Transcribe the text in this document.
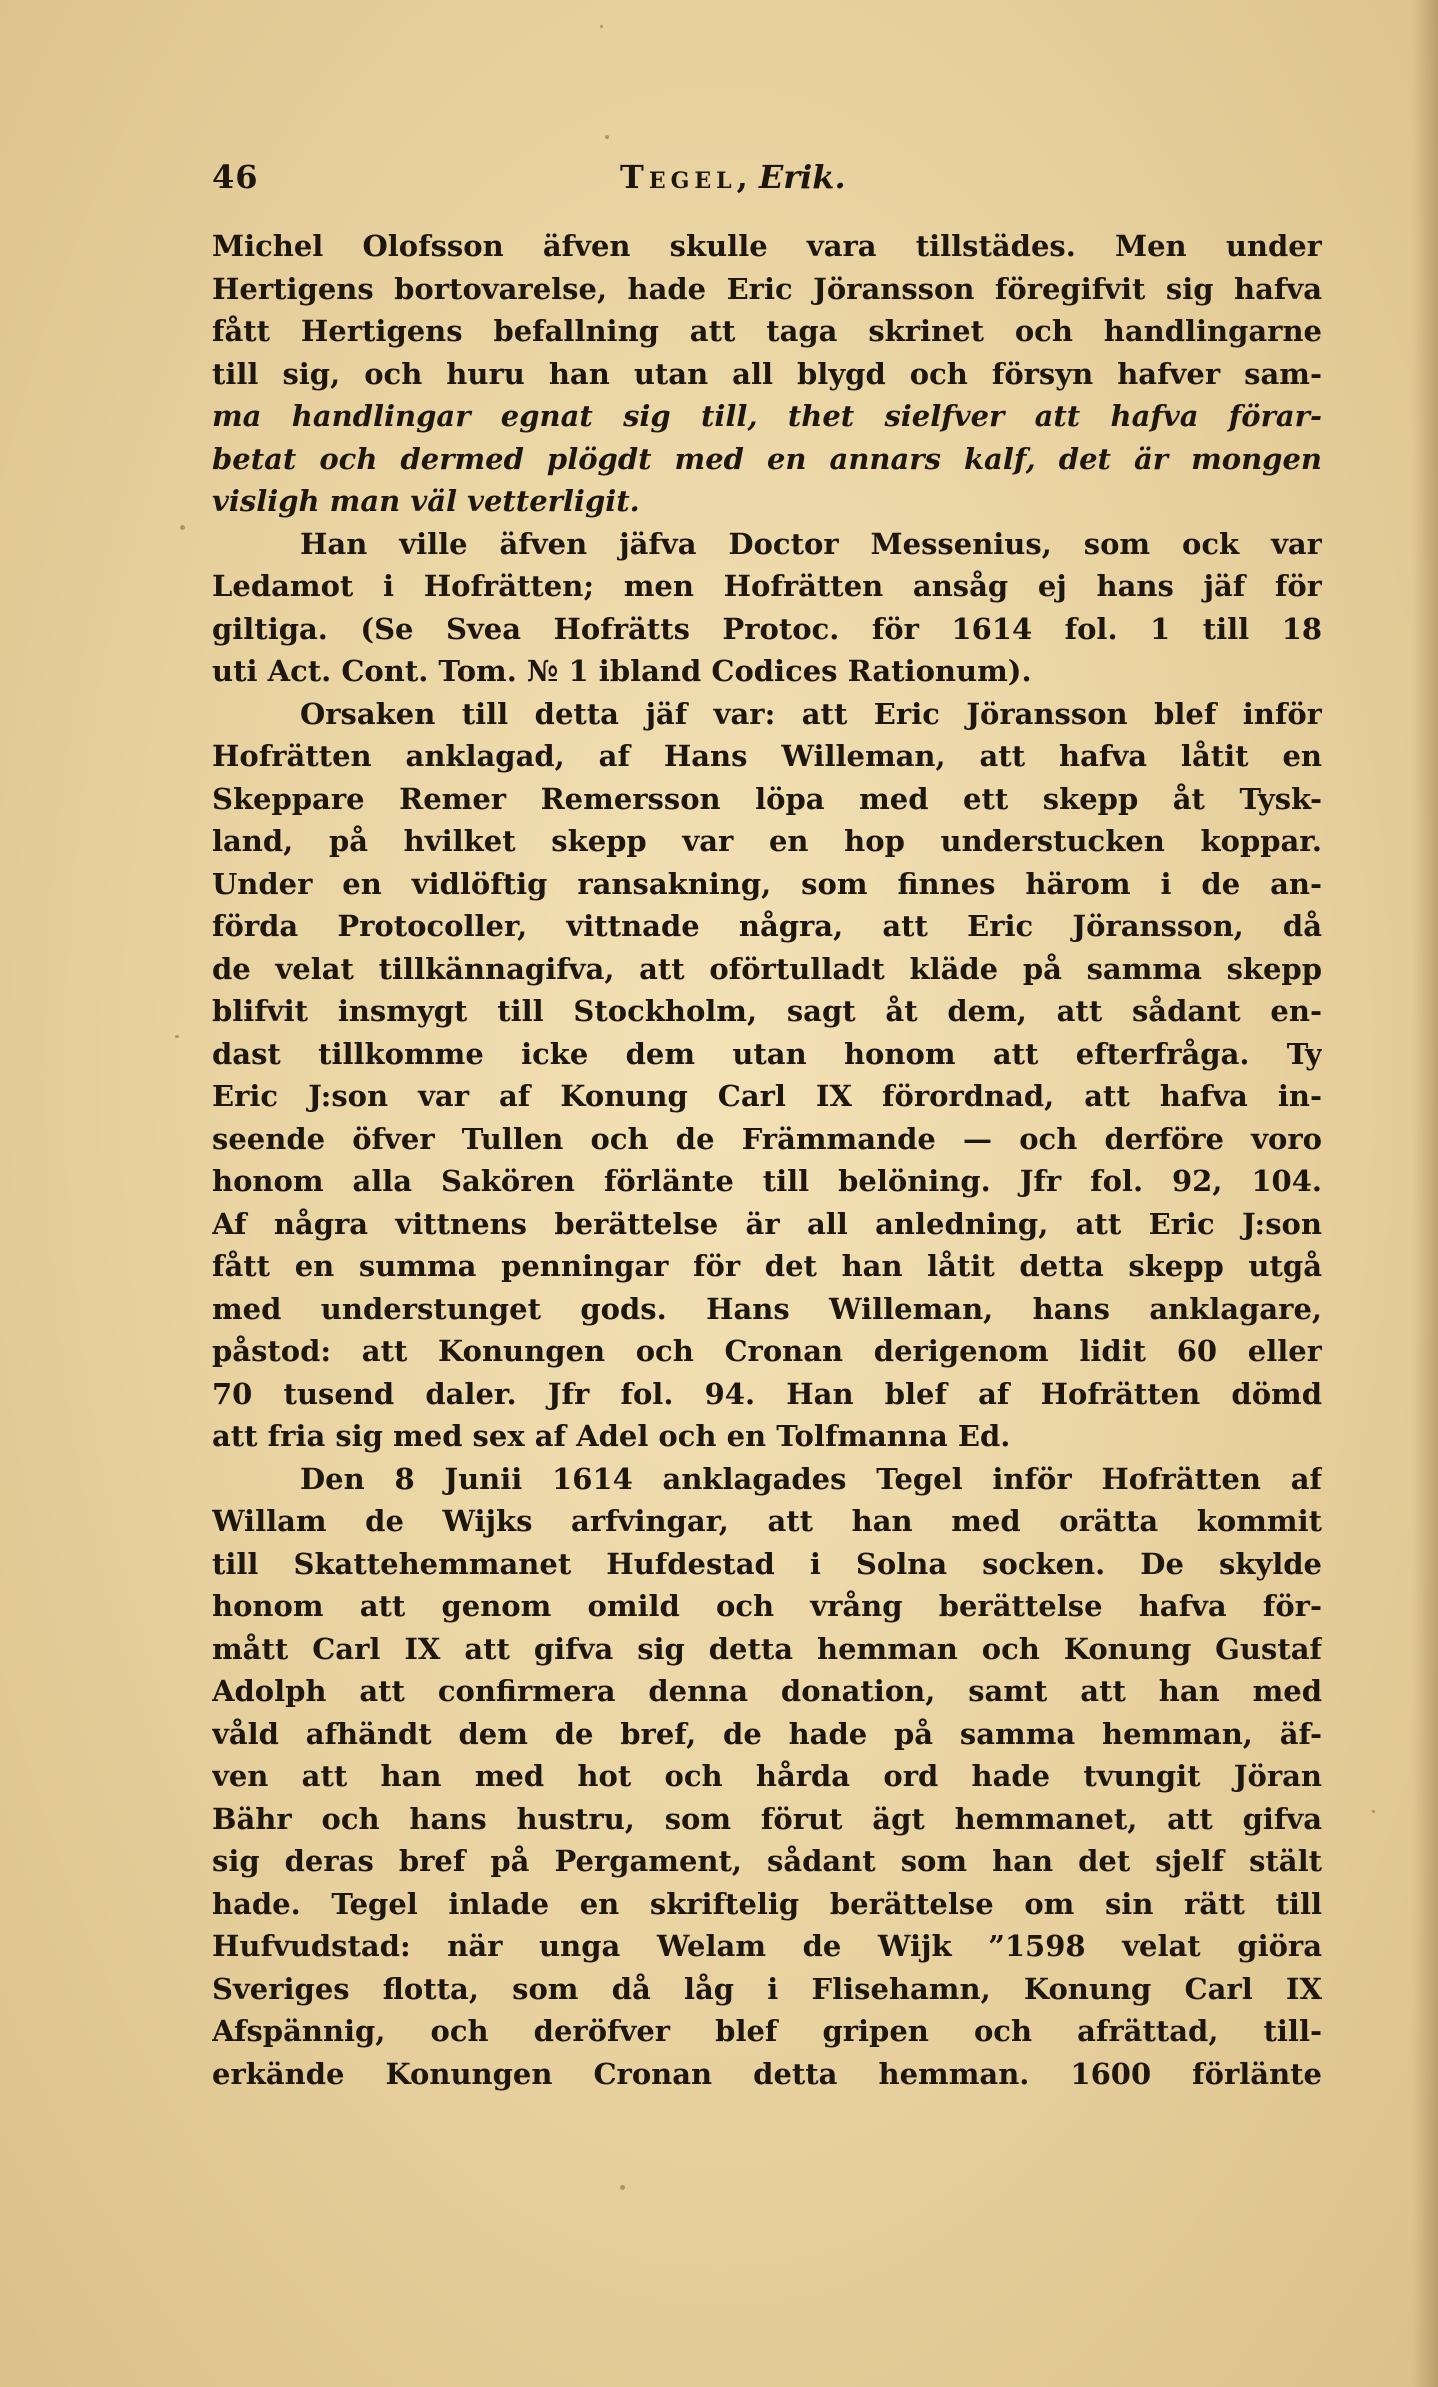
46	Tegel, Erik.
Michel Olofsson äfven skulle vara tillstädes. Men under
Hertigens bortovarelse, hade Eric Jöransson föregifvit sig hafva
fått Hertigens befallning att taga skrinet och handlingarne
till sig, och huru han utan all blygd och försyn hafver sam-
ma handlingar egnat sig till, thet sielfver att hafva förar-
betat och dermed plögdt med en annars kalf, det är mongen
visligh man väl vetterligit.
Han ville äfven jäfva Doctor Messenius, som ock var
Ledamot i Hofrätten; men Hofrätten ansåg ej hans jäf för
giltiga. (Se Svea Hofrätts Protoc. för 1614 fol. 1 till 18
uti Act. Cont. Tom. № 1 ibland Codices Rationum).
Orsaken till detta jäf var: att Eric Jöransson blef inför
Hofrätten anklagad, af Hans Willeman, att hafva låtit en
Skeppare Remer Remersson löpa med ett skepp åt Tysk-
land, på hvilket skepp var en hop understucken koppar.
Under en vidlöftig ransakning, som finnes härom i de an-
förda Protocoller, vittnade några, att Eric Jöransson, då
de velat tillkännagifva, att oförtulladt kläde på samma skepp
blifvit insmygt till Stockholm, sagt åt dem, att sådant en-
dast tillkomme icke dem utan honom att efterfråga. Ty
Eric J:son var af Konung Carl IX förordnad, att hafva in-
seende öfver Tullen och de Främmande — och derföre voro
honom alla Sakören förlänte till belöning. Jfr fol. 92, 104.
Af några vittnens berättelse är all anledning, att Eric J:son
fått en summa penningar för det han låtit detta skepp utgå
med understunget gods. Hans Willeman, hans anklagare,
påstod: att Konungen och Cronan derigenom lidit 60 eller
70 tusend daler. Jfr fol. 94. Han blef af Hofrätten dömd
att fria sig med sex af Adel och en Tolfmanna Ed.
Den 8 Junii 1614 anklagades Tegel inför Hofrätten af
Willam de Wijks arfvingar, att han med orätta kommit
till Skattehemmanet Hufdestad i Solna socken. De skylde
honom att genom omild och vrång berättelse hafva för-
mått Carl IX att gifva sig detta hemman och Konung Gustaf
Adolph att confirmera denna donation, samt att han med
våld afhändt dem de bref, de hade på samma hemman, äf-
ven att han med hot och hårda ord hade tvungit Jöran
Bähr och hans hustru, som förut ägt hemmanet, att gifva
sig deras bref på Pergament, sådant som han det sjelf stält
hade. Tegel inlade en skriftelig berättelse om sin rätt till
Hufvudstad: när unga Welam de Wijk ”1598 velat giöra
Sveriges flotta, som då låg i Flisehamn, Konung Carl IX
Afspännig, och deröfver blef gripen och afrättad, till-
erkände Konungen Cronan detta hemman. 1600 förlänte
